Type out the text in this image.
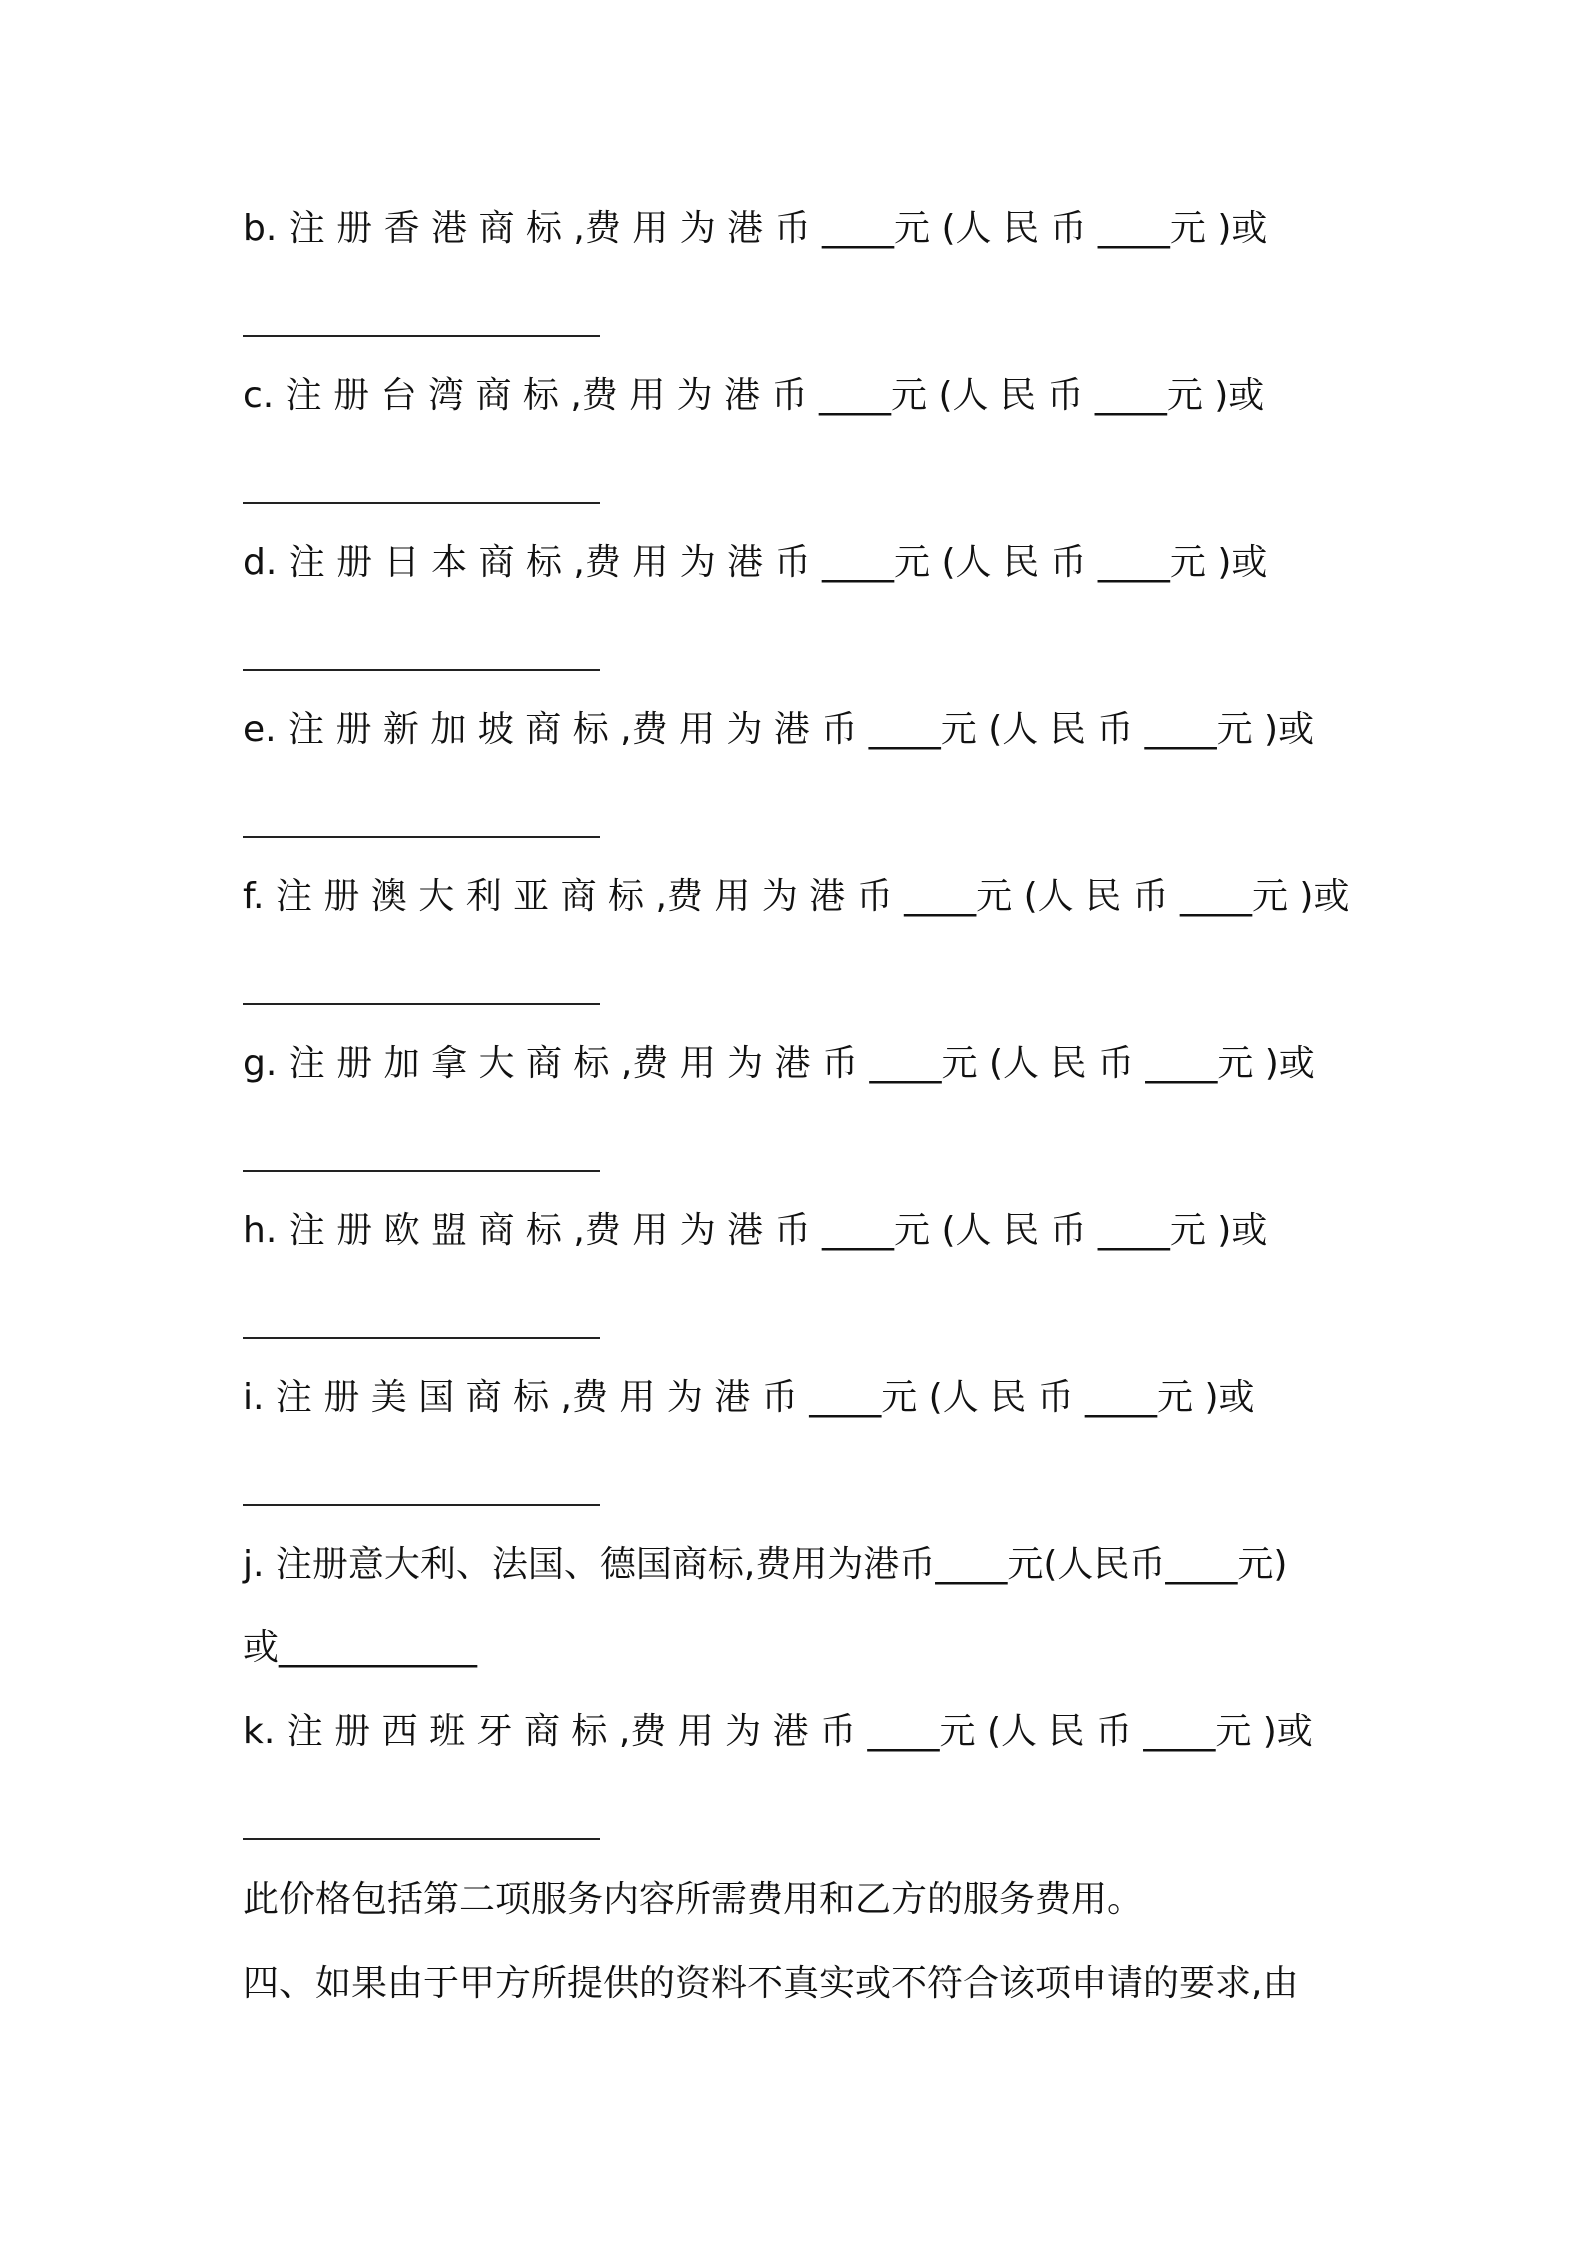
b. 注 册 香 港 商 标 ,费 用 为 港 币 ____元 (人 民 币 ____元 )或
c. 注 册 台 湾 商 标 ,费 用 为 港 币 ____元 (人 民 币 ____元 )或
d. 注 册 日 本 商 标 ,费 用 为 港 币 ____元 (人 民 币 ____元 )或
e. 注 册 新 加 坡 商 标 ,费 用 为 港 币 ____元 (人 民 币 ____元 )或
f. 注 册 澳 大 利 亚 商 标 ,费 用 为 港 币 ____元 (人 民 币 ____元 )或
g. 注 册 加 拿 大 商 标 ,费 用 为 港 币 ____元 (人 民 币 ____元 )或
h. 注 册 欧 盟 商 标 ,费 用 为 港 币 ____元 (人 民 币 ____元 )或
i. 注 册 美 国 商 标 ,费 用 为 港 币 ____元 (人 民 币 ____元 )或
j. 注册意大利、法国、德国商标,费用为港币____元(人民币____元)
或___________
k. 注 册 西 班 牙 商 标 ,费 用 为 港 币 ____元 (人 民 币 ____元 )或
此价格包括第二项服务内容所需费用和乙方的服务费用。
四、如果由于甲方所提供的资料不真实或不符合该项申请的要求,由
